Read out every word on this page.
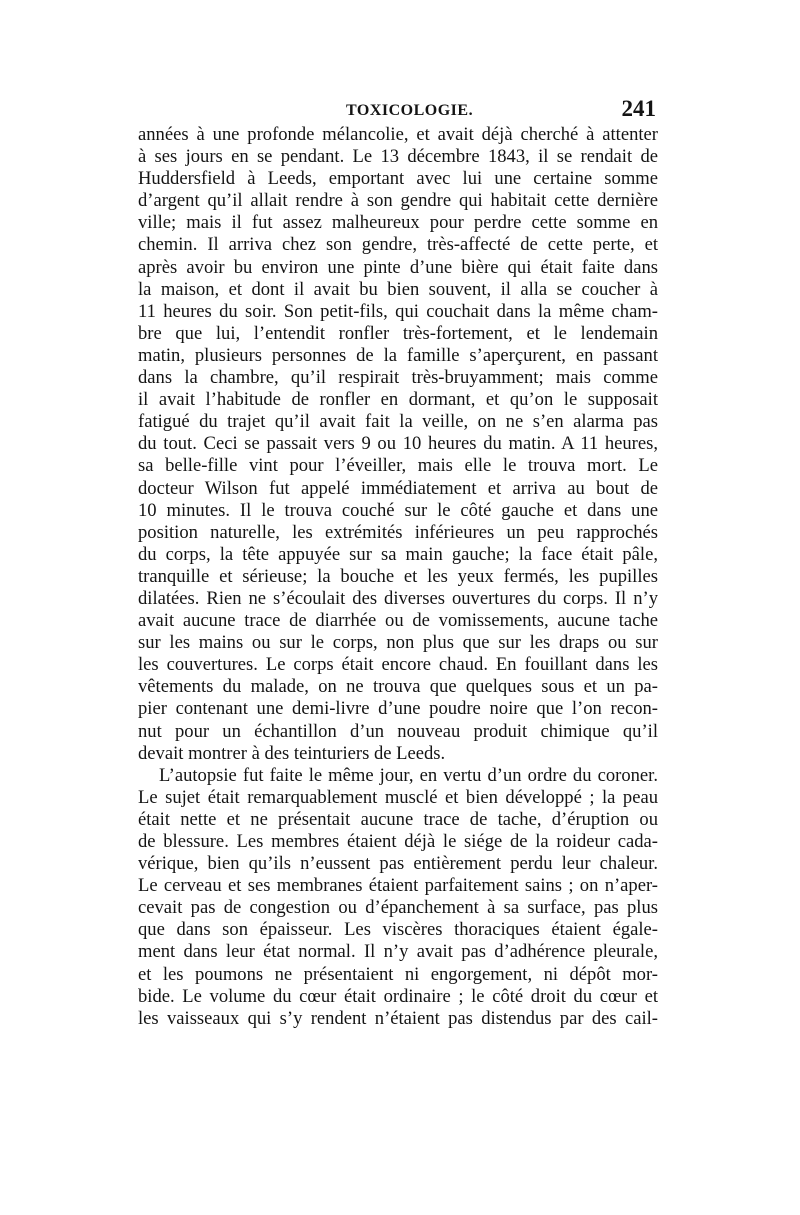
TOXICOLOGIE.	241
années à une profonde mélancolie, et avait déjà cherché à attenter
à ses jours en se pendant. Le 13 décembre 1843, il se rendait de
Huddersfield à Leeds, emportant avec lui une certaine somme
d’argent qu’il allait rendre à son gendre qui habitait cette dernière
ville; mais il fut assez malheureux pour perdre cette somme en
chemin. Il arriva chez son gendre, très-affecté de cette perte, et
après avoir bu environ une pinte d’une bière qui était faite dans
la maison, et dont il avait bu bien souvent, il alla se coucher à
11 heures du soir. Son petit-fils, qui couchait dans la même cham-
bre que lui, l’entendit ronfler très-fortement, et le lendemain
matin, plusieurs personnes de la famille s’aperçurent, en passant
dans la chambre, qu’il respirait très-bruyamment; mais comme
il avait l’habitude de ronfler en dormant, et qu’on le supposait
fatigué du trajet qu’il avait fait la veille, on ne s’en alarma pas
du tout. Ceci se passait vers 9 ou 10 heures du matin. A 11 heures,
sa belle-fille vint pour l’éveiller, mais elle le trouva mort. Le
docteur Wilson fut appelé immédiatement et arriva au bout de
10 minutes. Il le trouva couché sur le côté gauche et dans une
position naturelle, les extrémités inférieures un peu rapprochés
du corps, la tête appuyée sur sa main gauche; la face était pâle,
tranquille et sérieuse; la bouche et les yeux fermés, les pupilles
dilatées. Rien ne s’écoulait des diverses ouvertures du corps. Il n’y
avait aucune trace de diarrhée ou de vomissements, aucune tache
sur les mains ou sur le corps, non plus que sur les draps ou sur
les couvertures. Le corps était encore chaud. En fouillant dans les
vêtements du malade, on ne trouva que quelques sous et un pa-
pier contenant une demi-livre d’une poudre noire que l’on recon-
nut pour un échantillon d’un nouveau produit chimique qu’il
devait montrer à des teinturiers de Leeds.
L’autopsie fut faite le même jour, en vertu d’un ordre du coroner.
Le sujet était remarquablement musclé et bien développé ; la peau
était nette et ne présentait aucune trace de tache, d’éruption ou
de blessure. Les membres étaient déjà le siége de la roideur cada-
vérique, bien qu’ils n’eussent pas entièrement perdu leur chaleur.
Le cerveau et ses membranes étaient parfaitement sains ; on n’aper-
cevait pas de congestion ou d’épanchement à sa surface, pas plus
que dans son épaisseur. Les viscères thoraciques étaient égale-
ment dans leur état normal. Il n’y avait pas d’adhérence pleurale,
et les poumons ne présentaient ni engorgement, ni dépôt mor-
bide. Le volume du cœur était ordinaire ; le côté droit du cœur et
les vaisseaux qui s’y rendent n’étaient pas distendus par des cail-
